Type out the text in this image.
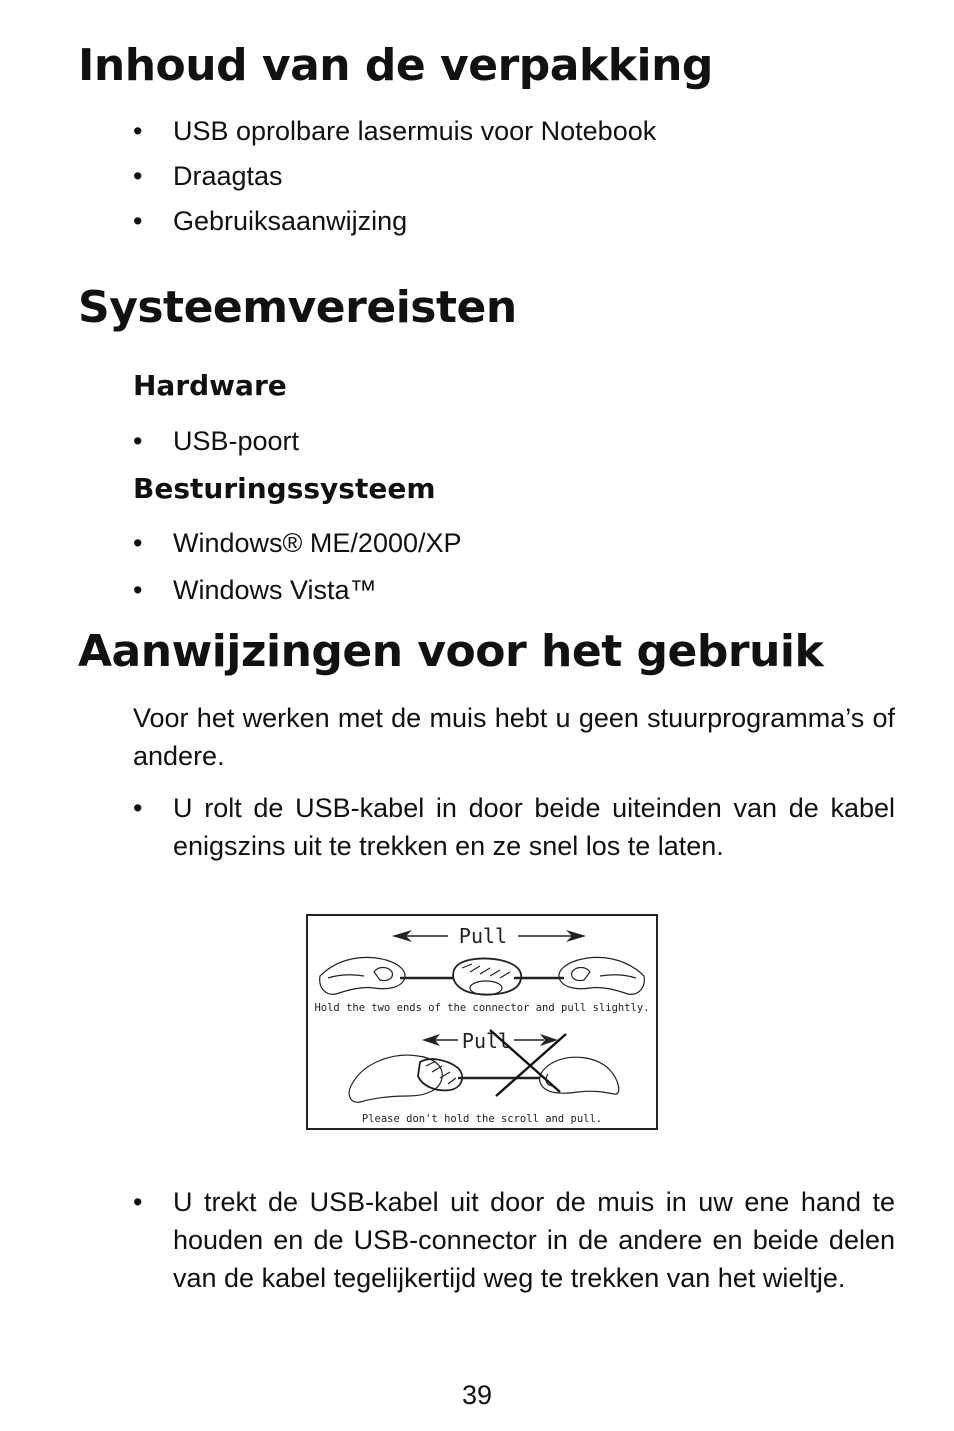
Inhoud van de verpakking
•	USB oprolbare lasermuis voor Notebook
•	Draagtas
•	Gebruiksaanwijzing
Systeemvereisten
Hardware
•	USB-poort
Besturingssysteem
•	Windows® ME/2000/XP
•	Windows Vista™
Aanwijzingen voor het gebruik

Voor het werken met de muis hebt u geen stuurprogramma’s of andere.

•	U rolt de USB-kabel in door beide uiteinden van de kabel enigszins uit te trekken en ze snel los te laten.
Pull
Hold the two ends of the connector and pull slightly.
Pull
Please don't hold the scroll and pull.
•	U trekt de USB-kabel uit door de muis in uw ene hand te houden en de USB-connector in de andere en beide delen van de kabel tegelijkertijd weg te trekken van het wieltje.
39
